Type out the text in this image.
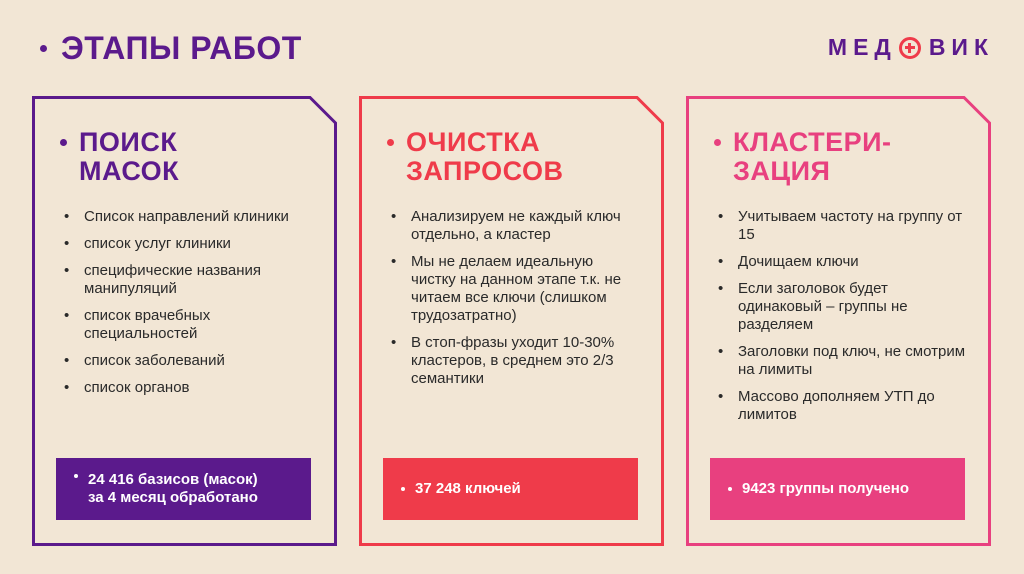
ЭТАПЫ РАБОТ	МЕД ВИК
ПОИСК
МАСОК
• Список направлений клиники
• список услуг клиники
• специфические названия манипуляций
• список врачебных специальностей
• список заболеваний
• список органов
24 416 базисов (масок)
за 4 месяц обработано
ОЧИСТКА
ЗАПРОСОВ
• Анализируем не каждый ключ отдельно, а кластер
• Мы не делаем идеальную чистку на данном этапе т.к. не читаем все ключи (слишком трудозатратно)
• В стоп-фразы уходит 10-30% кластеров, в среднем это 2/3 семантики
37 248 ключей
КЛАСТЕРИ-
ЗАЦИЯ
• Учитываем частоту на группу от 15
• Дочищаем ключи
• Если заголовок будет одинаковый – группы не разделяем
• Заголовки под ключ, не смотрим на лимиты
• Массово дополняем УТП до лимитов
9423 группы получено
